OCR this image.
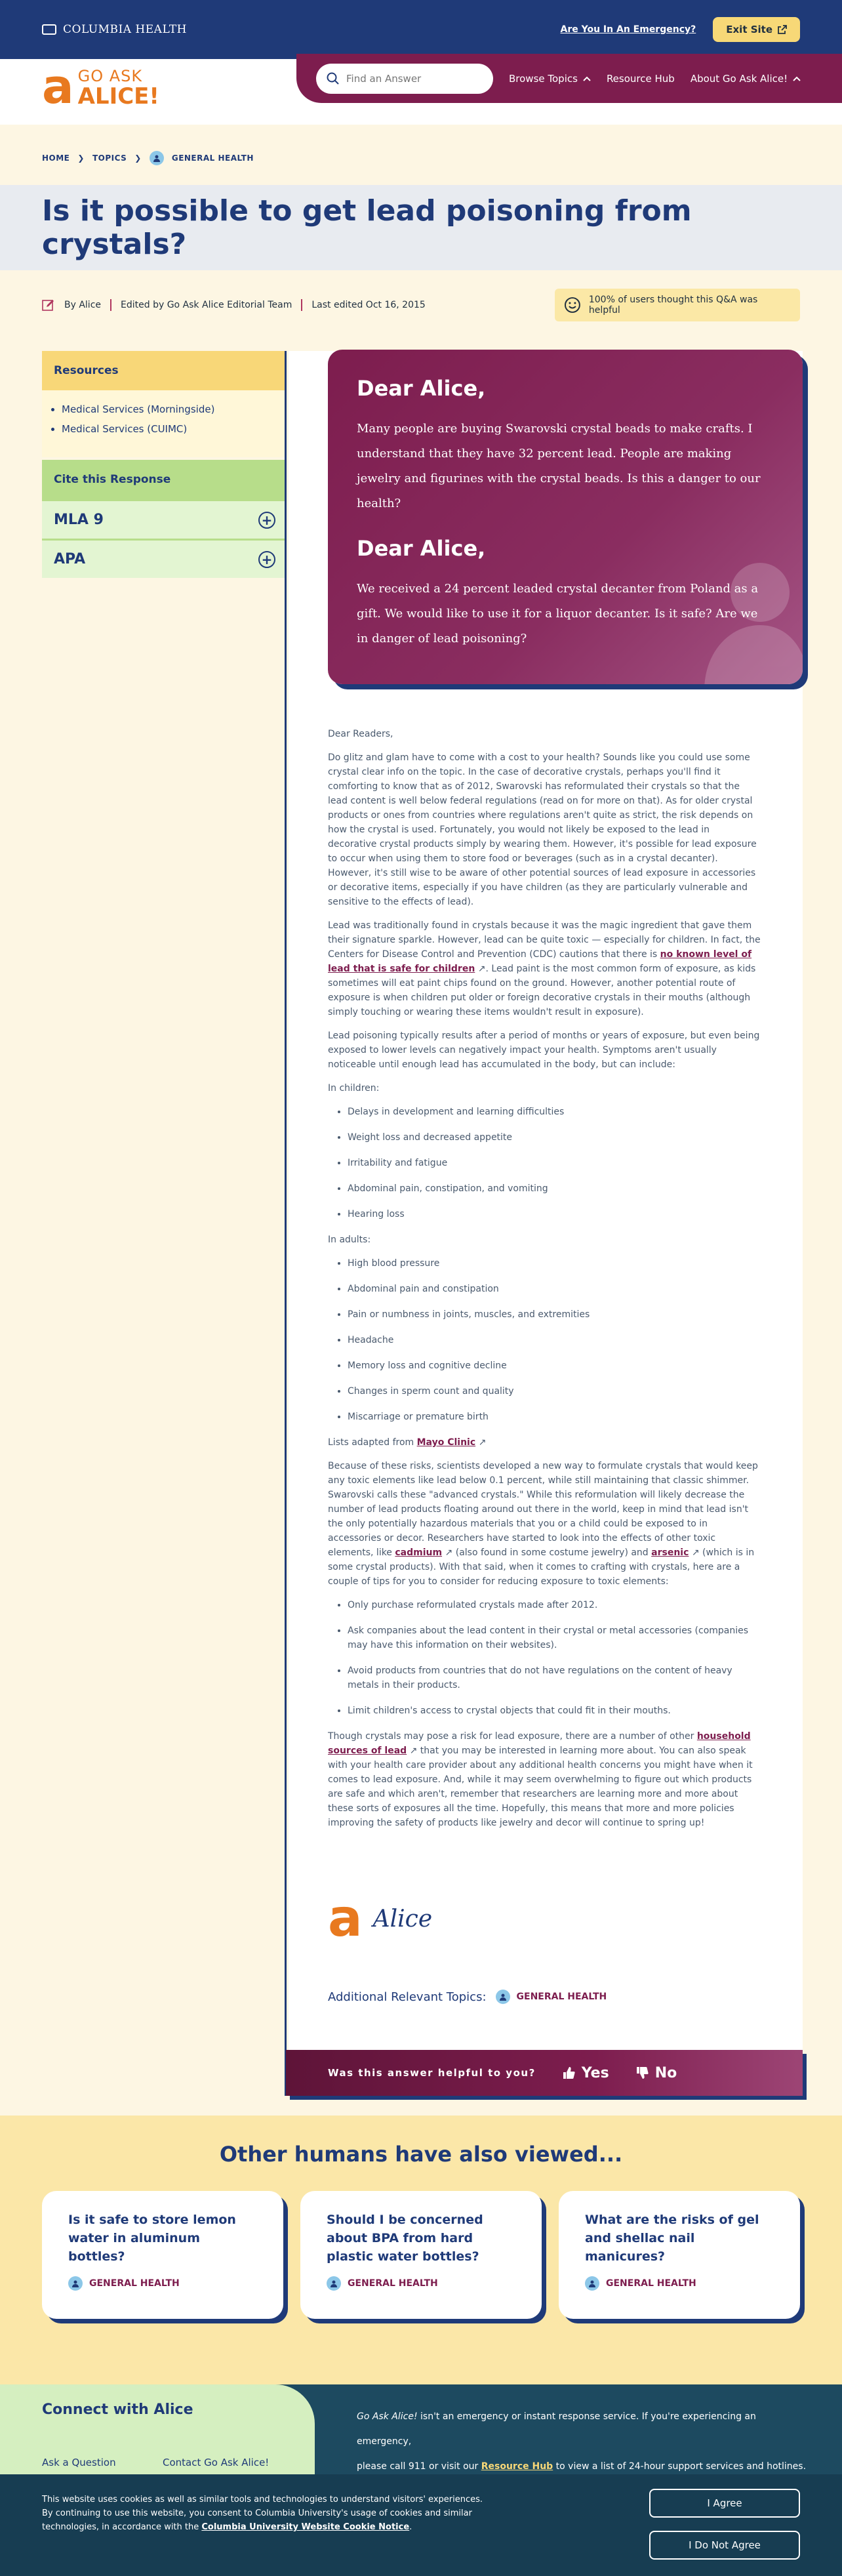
COLUMBIA HEALTH	Are You In An Emergency?	Exit Site
a GO ASK
ALICE!
Find an Answer
Browse Topics	Resource Hub About Go Ask Alice!
HOME ❯ TOPICS ❯	GENERAL HEALTH
Is it possible to get lead poisoning from crystals?
By Alice Edited by Go Ask Alice Editorial Team Last edited Oct 16, 2015	100% of users thought this Q&A was helpful
Resources
• Medical Services (Morningside)
• Medical Services (CUIMC)
Cite this Response
MLA 9	+
APA	+
Dear Alice,

Many people are buying Swarovski crystal beads to make crafts. I understand that they have 32 percent lead. People are making jewelry and figurines with the crystal beads. Is this a danger to our health?

Dear Alice,

We received a 24 percent leaded crystal decanter from Poland as a gift. We would like to use it for a liquor decanter. Is it safe? Are we in danger of lead poisoning?

Dear Readers,

Do glitz and glam have to come with a cost to your health? Sounds like you could use some crystal clear info on the topic. In the case of decorative crystals, perhaps you'll find it comforting to know that as of 2012, Swarovski has reformulated their crystals so that the lead content is well below federal regulations (read on for more on that). As for older crystal products or ones from countries where regulations aren't quite as strict, the risk depends on how the crystal is used. Fortunately, you would not likely be exposed to the lead in decorative crystal products simply by wearing them. However, it's possible for lead exposure to occur when using them to store food or beverages (such as in a crystal decanter). However, it's still wise to be aware of other potential sources of lead exposure in accessories or decorative items, especially if you have children (as they are particularly vulnerable and sensitive to the effects of lead).

Lead was traditionally found in crystals because it was the magic ingredient that gave them their signature sparkle. However, lead can be quite toxic — especially for children. In fact, the Centers for Disease Control and Prevention (CDC) cautions that there is no known level of lead that is safe for children ↗. Lead paint is the most common form of exposure, as kids sometimes will eat paint chips found on the ground. However, another potential route of exposure is when children put older or foreign decorative crystals in their mouths (although simply touching or wearing these items wouldn't result in exposure).

Lead poisoning typically results after a period of months or years of exposure, but even being exposed to lower levels can negatively impact your health. Symptoms aren't usually noticeable until enough lead has accumulated in the body, but can include:

In children:

• Delays in development and learning difficulties
• Weight loss and decreased appetite
• Irritability and fatigue
• Abdominal pain, constipation, and vomiting
• Hearing loss

In adults:

• High blood pressure
• Abdominal pain and constipation
• Pain or numbness in joints, muscles, and extremities
• Headache
• Memory loss and cognitive decline
• Changes in sperm count and quality
• Miscarriage or premature birth

Lists adapted from Mayo Clinic ↗

Because of these risks, scientists developed a new way to formulate crystals that would keep any toxic elements like lead below 0.1 percent, while still maintaining that classic shimmer. Swarovski calls these "advanced crystals." While this reformulation will likely decrease the number of lead products floating around out there in the world, keep in mind that lead isn't the only potentially hazardous materials that you or a child could be exposed to in accessories or decor. Researchers have started to look into the effects of other toxic elements, like cadmium ↗ (also found in some costume jewelry) and arsenic ↗ (which is in some crystal products). With that said, when it comes to crafting with crystals, here are a couple of tips for you to consider for reducing exposure to toxic elements:

• Only purchase reformulated crystals made after 2012.
• Ask companies about the lead content in their crystal or metal accessories (companies may have this information on their websites).
• Avoid products from countries that do not have regulations on the content of heavy metals in their products.
• Limit children's access to crystal objects that could fit in their mouths.

Though crystals may pose a risk for lead exposure, there are a number of other household sources of lead ↗ that you may be interested in learning more about. You can also speak with your health care provider about any additional health concerns you might have when it comes to lead exposure. And, while it may seem overwhelming to figure out which products are safe and which aren't, remember that researchers are learning more and more about these sorts of exposures all the time. Hopefully, this means that more and more policies improving the safety of products like jewelry and decor will continue to spring up!

a Alice
Additional Relevant Topics:	GENERAL HEALTH
Was this answer helpful to you?	Yes	No
Other humans have also viewed...
Is it safe to store lemon water in aluminum bottles?
GENERAL HEALTH
Should I be concerned about BPA from hard plastic water bottles?
GENERAL HEALTH
What are the risks of gel and shellac nail manicures?
GENERAL HEALTH
Connect with Alice
Ask a Question	Contact Go Ask Alice!
Go Ask Alice! isn't an emergency or instant response service. If you're experiencing an emergency,
please call 911 or visit our Resource Hub to view a list of 24-hour support services and hotlines.

This website uses cookies as well as similar tools and technologies to understand visitors' experiences. By continuing to use this website, you consent to Columbia University's usage of cookies and similar technologies, in accordance with the Columbia University Website Cookie Notice.

I Agree
I Do Not Agree
